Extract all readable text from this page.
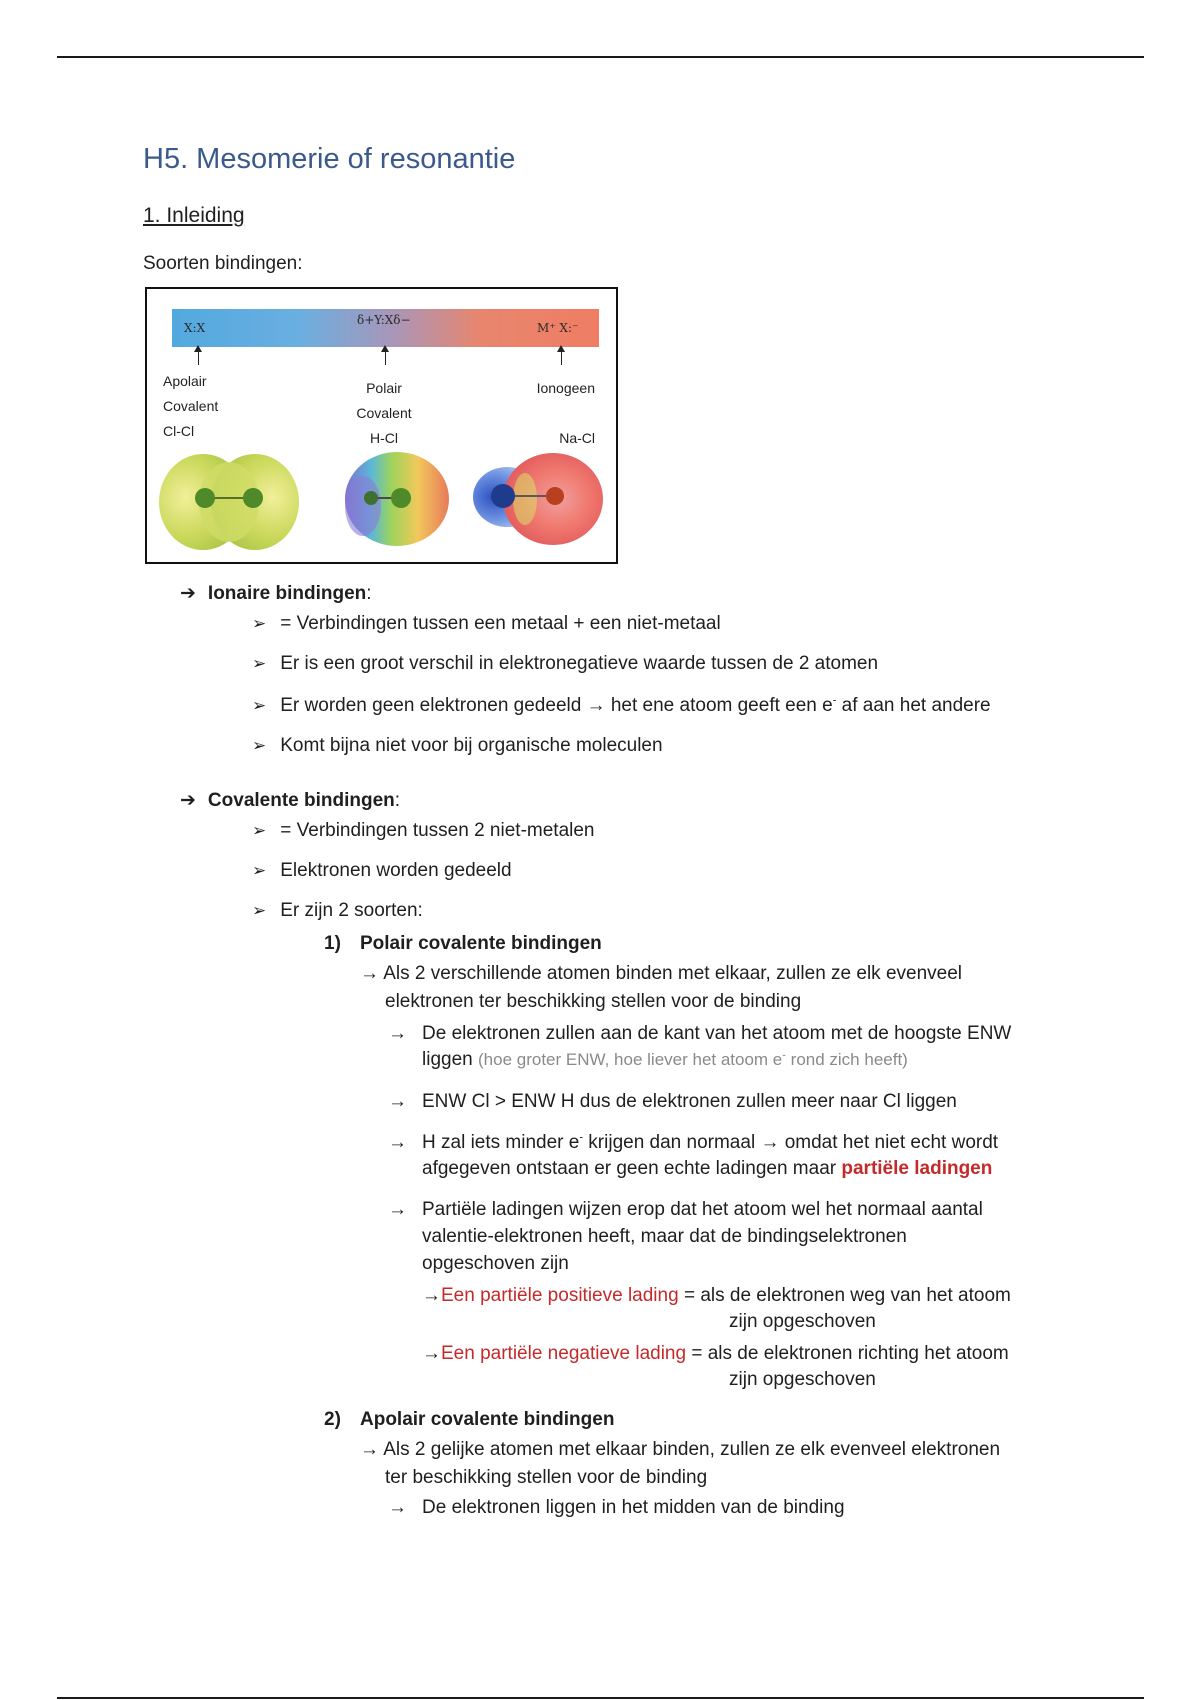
H5. Mesomerie of resonantie
1. Inleiding
Soorten bindingen:
X:X
δ+Y:Xδ−
M⁺ X:⁻
Apolair
Covalent
Cl-Cl
Polair
Covalent
H-Cl
Ionogeen
Na-Cl
➔ Ionaire bindingen:
➢ = Verbindingen tussen een metaal + een niet-metaal
➢ Er is een groot verschil in elektronegatieve waarde tussen de 2 atomen
➢ Er worden geen elektronen gedeeld → het ene atoom geeft een e- af aan het andere
➢ Komt bijna niet voor bij organische moleculen
➔ Covalente bindingen:
➢ = Verbindingen tussen 2 niet-metalen
➢ Elektronen worden gedeeld
➢ Er zijn 2 soorten:
1) Polair covalente bindingen
→ Als 2 verschillende atomen binden met elkaar, zullen ze elk evenveel
elektronen ter beschikking stellen voor de binding
→ De elektronen zullen aan de kant van het atoom met de hoogste ENW
liggen (hoe groter ENW, hoe liever het atoom e- rond zich heeft)
→ ENW Cl > ENW H dus de elektronen zullen meer naar Cl liggen
→ H zal iets minder e- krijgen dan normaal → omdat het niet echt wordt
afgegeven ontstaan er geen echte ladingen maar partiële ladingen
→ Partiële ladingen wijzen erop dat het atoom wel het normaal aantal
valentie-elektronen heeft, maar dat de bindingselektronen
opgeschoven zijn
→Een partiële positieve lading = als de elektronen weg van het atoom
zijn opgeschoven
→Een partiële negatieve lading = als de elektronen richting het atoom
zijn opgeschoven
2) Apolair covalente bindingen
→ Als 2 gelijke atomen met elkaar binden, zullen ze elk evenveel elektronen
ter beschikking stellen voor de binding
→ De elektronen liggen in het midden van de binding
